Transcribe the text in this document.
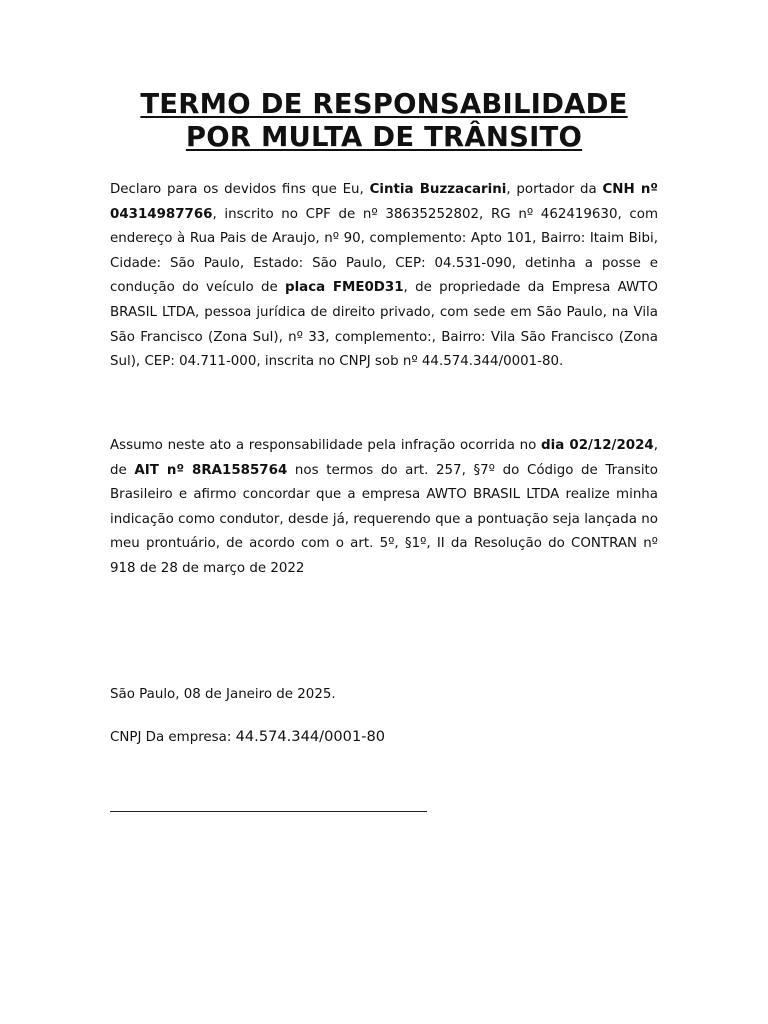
TERMO DE RESPONSABILIDADE
POR MULTA DE TRÂNSITO

Declaro para os devidos fins que Eu, Cintia Buzzacarini, portador da CNH nº 04314987766, inscrito no CPF de nº 38635252802, RG nº 462419630, com endereço à Rua Pais de Araujo, nº 90, complemento: Apto 101, Bairro: Itaim Bibi, Cidade: São Paulo, Estado: São Paulo, CEP: 04.531-090, detinha a posse e condução do veículo de placa FME0D31, de propriedade da Empresa AWTO BRASIL LTDA, pessoa jurídica de direito privado, com sede em São Paulo, na Vila São Francisco (Zona Sul), nº 33, complemento:, Bairro: Vila São Francisco (Zona Sul), CEP: 04.711-000, inscrita no CNPJ sob nº 44.574.344/0001-80.

Assumo neste ato a responsabilidade pela infração ocorrida no dia 02/12/2024, de AIT nº 8RA1585764 nos termos do art. 257, §7º do Código de Transito Brasileiro e afirmo concordar que a empresa AWTO BRASIL LTDA realize minha indicação como condutor, desde já, requerendo que a pontuação seja lançada no meu prontuário, de acordo com o art. 5º, §1º, II da Resolução do CONTRAN nº 918 de 28 de março de 2022

São Paulo, 08 de Janeiro de 2025.

CNPJ Da empresa: 44.574.344/0001-80
